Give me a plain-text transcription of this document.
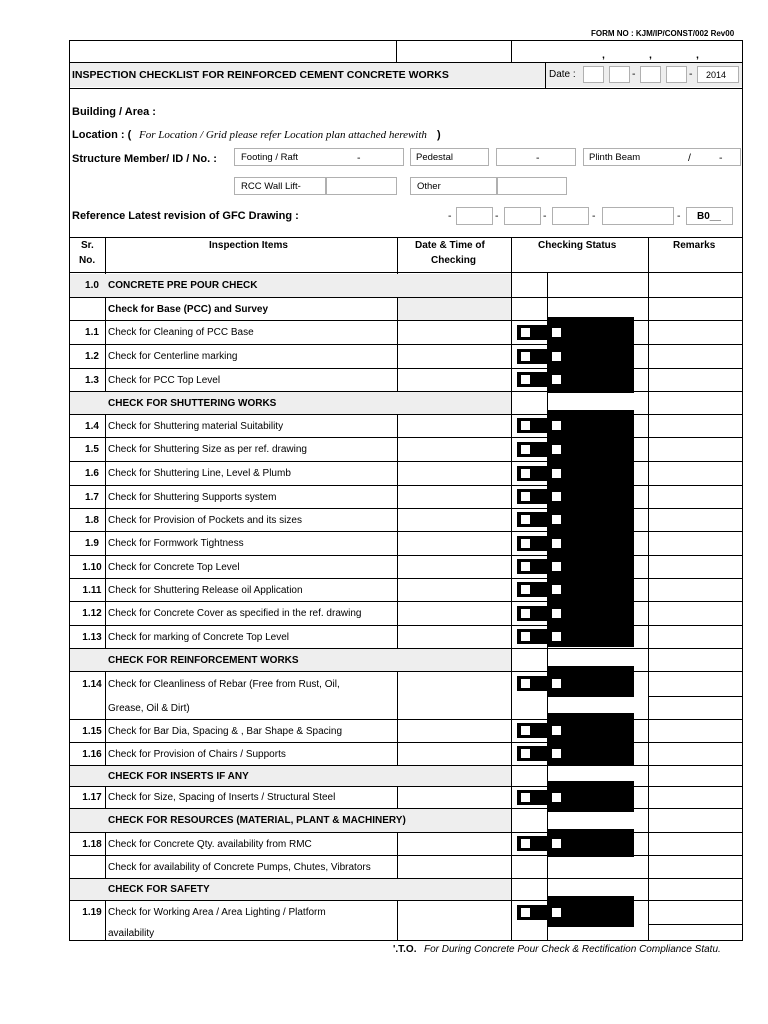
FORM NO : KJM/IP/CONST/002 Rev00
,	,	,
INSPECTION CHECKLIST FOR REINFORCED CEMENT CONCRETE WORKS	Date :	-	- 2014
Building / Area :
Location : ( For Location / Grid please refer Location plan attached herewith )
Structure Member/ ID / No. :	Footing / Raft	-	Pedestal	-	Plinth Beam	/	-
RCC Wall Lift-	Other
Reference Latest revision of GFC Drawing :	-	-	-	-	- B0__
Sr.
No.
Inspection Items	Date & Time of
Checking
Checking Status	Remarks
1.0 CONCRETE PRE POUR CHECK
Check for Base (PCC) and Survey
1.1 Check for Cleaning of PCC Base
1.2 Check for Centerline marking
1.3 Check for PCC Top Level
CHECK FOR SHUTTERING WORKS
1.4 Check for Shuttering material Suitability
1.5 Check for Shuttering Size as per ref. drawing
1.6 Check for Shuttering Line, Level & Plumb
1.7 Check for Shuttering Supports system
1.8 Check for Provision of Pockets and its sizes
1.9 Check for Formwork Tightness
1.10 Check for Concrete Top Level
1.11 Check for Shuttering Release oil Application
1.12 Check for Concrete Cover as specified in the ref. drawing
1.13 Check for marking of Concrete Top Level
CHECK FOR REINFORCEMENT WORKS
1.14 Check for Cleanliness of Rebar (Free from Rust, Oil,
Grease, Oil & Dirt)
1.15 Check for Bar Dia, Spacing & , Bar Shape & Spacing
1.16 Check for Provision of Chairs / Supports
CHECK FOR INSERTS IF ANY
1.17 Check for Size, Spacing of Inserts / Structural Steel
CHECK FOR RESOURCES (MATERIAL, PLANT & MACHINERY)
1.18 Check for Concrete Qty. availability from RMC
Check for availability of Concrete Pumps, Chutes, Vibrators
CHECK FOR SAFETY
1.19 Check for Working Area / Area Lighting / Platform
availability
'.T.O. For During Concrete Pour Check & Rectification Compliance Statu.
